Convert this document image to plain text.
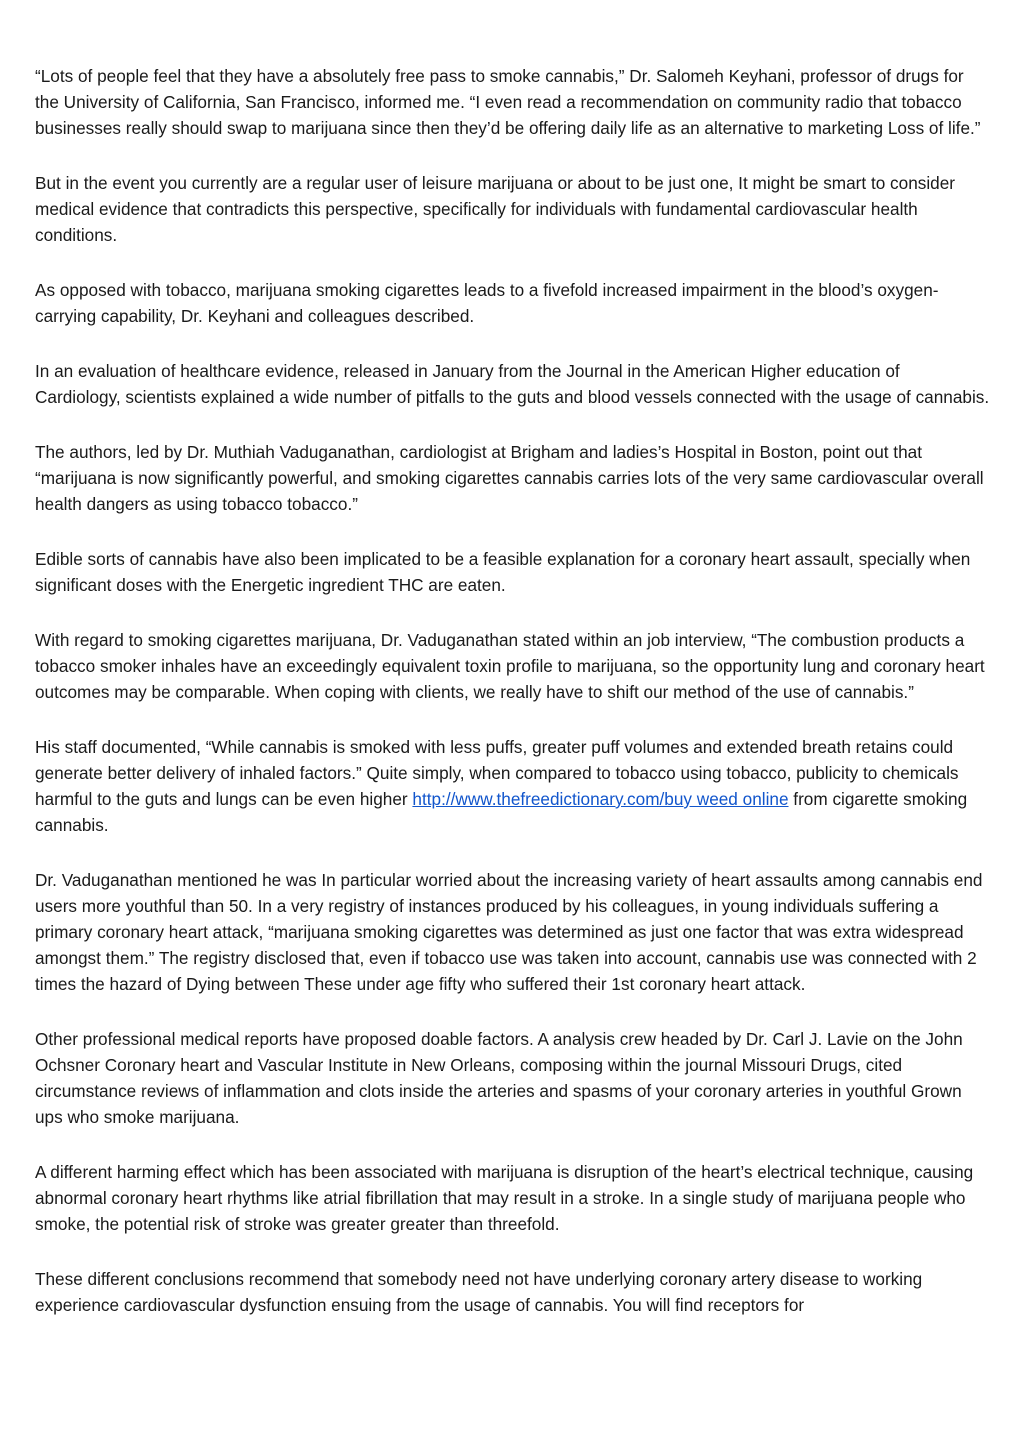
“Lots of people feel that they have a absolutely free pass to smoke cannabis,” Dr. Salomeh Keyhani, professor of drugs for the University of California, San Francisco, informed me. “I even read a recommendation on community radio that tobacco businesses really should swap to marijuana since then they’d be offering daily life as an alternative to marketing Loss of life.”

But in the event you currently are a regular user of leisure marijuana or about to be just one, It might be smart to consider medical evidence that contradicts this perspective, specifically for individuals with fundamental cardiovascular health conditions.

As opposed with tobacco, marijuana smoking cigarettes leads to a fivefold increased impairment in the blood’s oxygen-carrying capability, Dr. Keyhani and colleagues described.

In an evaluation of healthcare evidence, released in January from the Journal in the American Higher education of Cardiology, scientists explained a wide number of pitfalls to the guts and blood vessels connected with the usage of cannabis.

The authors, led by Dr. Muthiah Vaduganathan, cardiologist at Brigham and ladies’s Hospital in Boston, point out that “marijuana is now significantly powerful, and smoking cigarettes cannabis carries lots of the very same cardiovascular overall health dangers as using tobacco tobacco.”

Edible sorts of cannabis have also been implicated to be a feasible explanation for a coronary heart assault, specially when significant doses with the Energetic ingredient THC are eaten.

With regard to smoking cigarettes marijuana, Dr. Vaduganathan stated within an job interview, “The combustion products a tobacco smoker inhales have an exceedingly equivalent toxin profile to marijuana, so the opportunity lung and coronary heart outcomes may be comparable. When coping with clients, we really have to shift our method of the use of cannabis.”

His staff documented, “While cannabis is smoked with less puffs, greater puff volumes and extended breath retains could generate better delivery of inhaled factors.” Quite simply, when compared to tobacco using tobacco, publicity to chemicals harmful to the guts and lungs can be even higher http://www.thefreedictionary.com/buy weed online from cigarette smoking cannabis.

Dr. Vaduganathan mentioned he was In particular worried about the increasing variety of heart assaults among cannabis end users more youthful than 50. In a very registry of instances produced by his colleagues, in young individuals suffering a primary coronary heart attack, “marijuana smoking cigarettes was determined as just one factor that was extra widespread amongst them.” The registry disclosed that, even if tobacco use was taken into account, cannabis use was connected with 2 times the hazard of Dying between These under age fifty who suffered their 1st coronary heart attack.

Other professional medical reports have proposed doable factors. A analysis crew headed by Dr. Carl J. Lavie on the John Ochsner Coronary heart and Vascular Institute in New Orleans, composing within the journal Missouri Drugs, cited circumstance reviews of inflammation and clots inside the arteries and spasms of your coronary arteries in youthful Grown ups who smoke marijuana.

A different harming effect which has been associated with marijuana is disruption of the heart’s electrical technique, causing abnormal coronary heart rhythms like atrial fibrillation that may result in a stroke. In a single study of marijuana people who smoke, the potential risk of stroke was greater greater than threefold.

These different conclusions recommend that somebody need not have underlying coronary artery disease to working experience cardiovascular dysfunction ensuing from the usage of cannabis. You will find receptors for
